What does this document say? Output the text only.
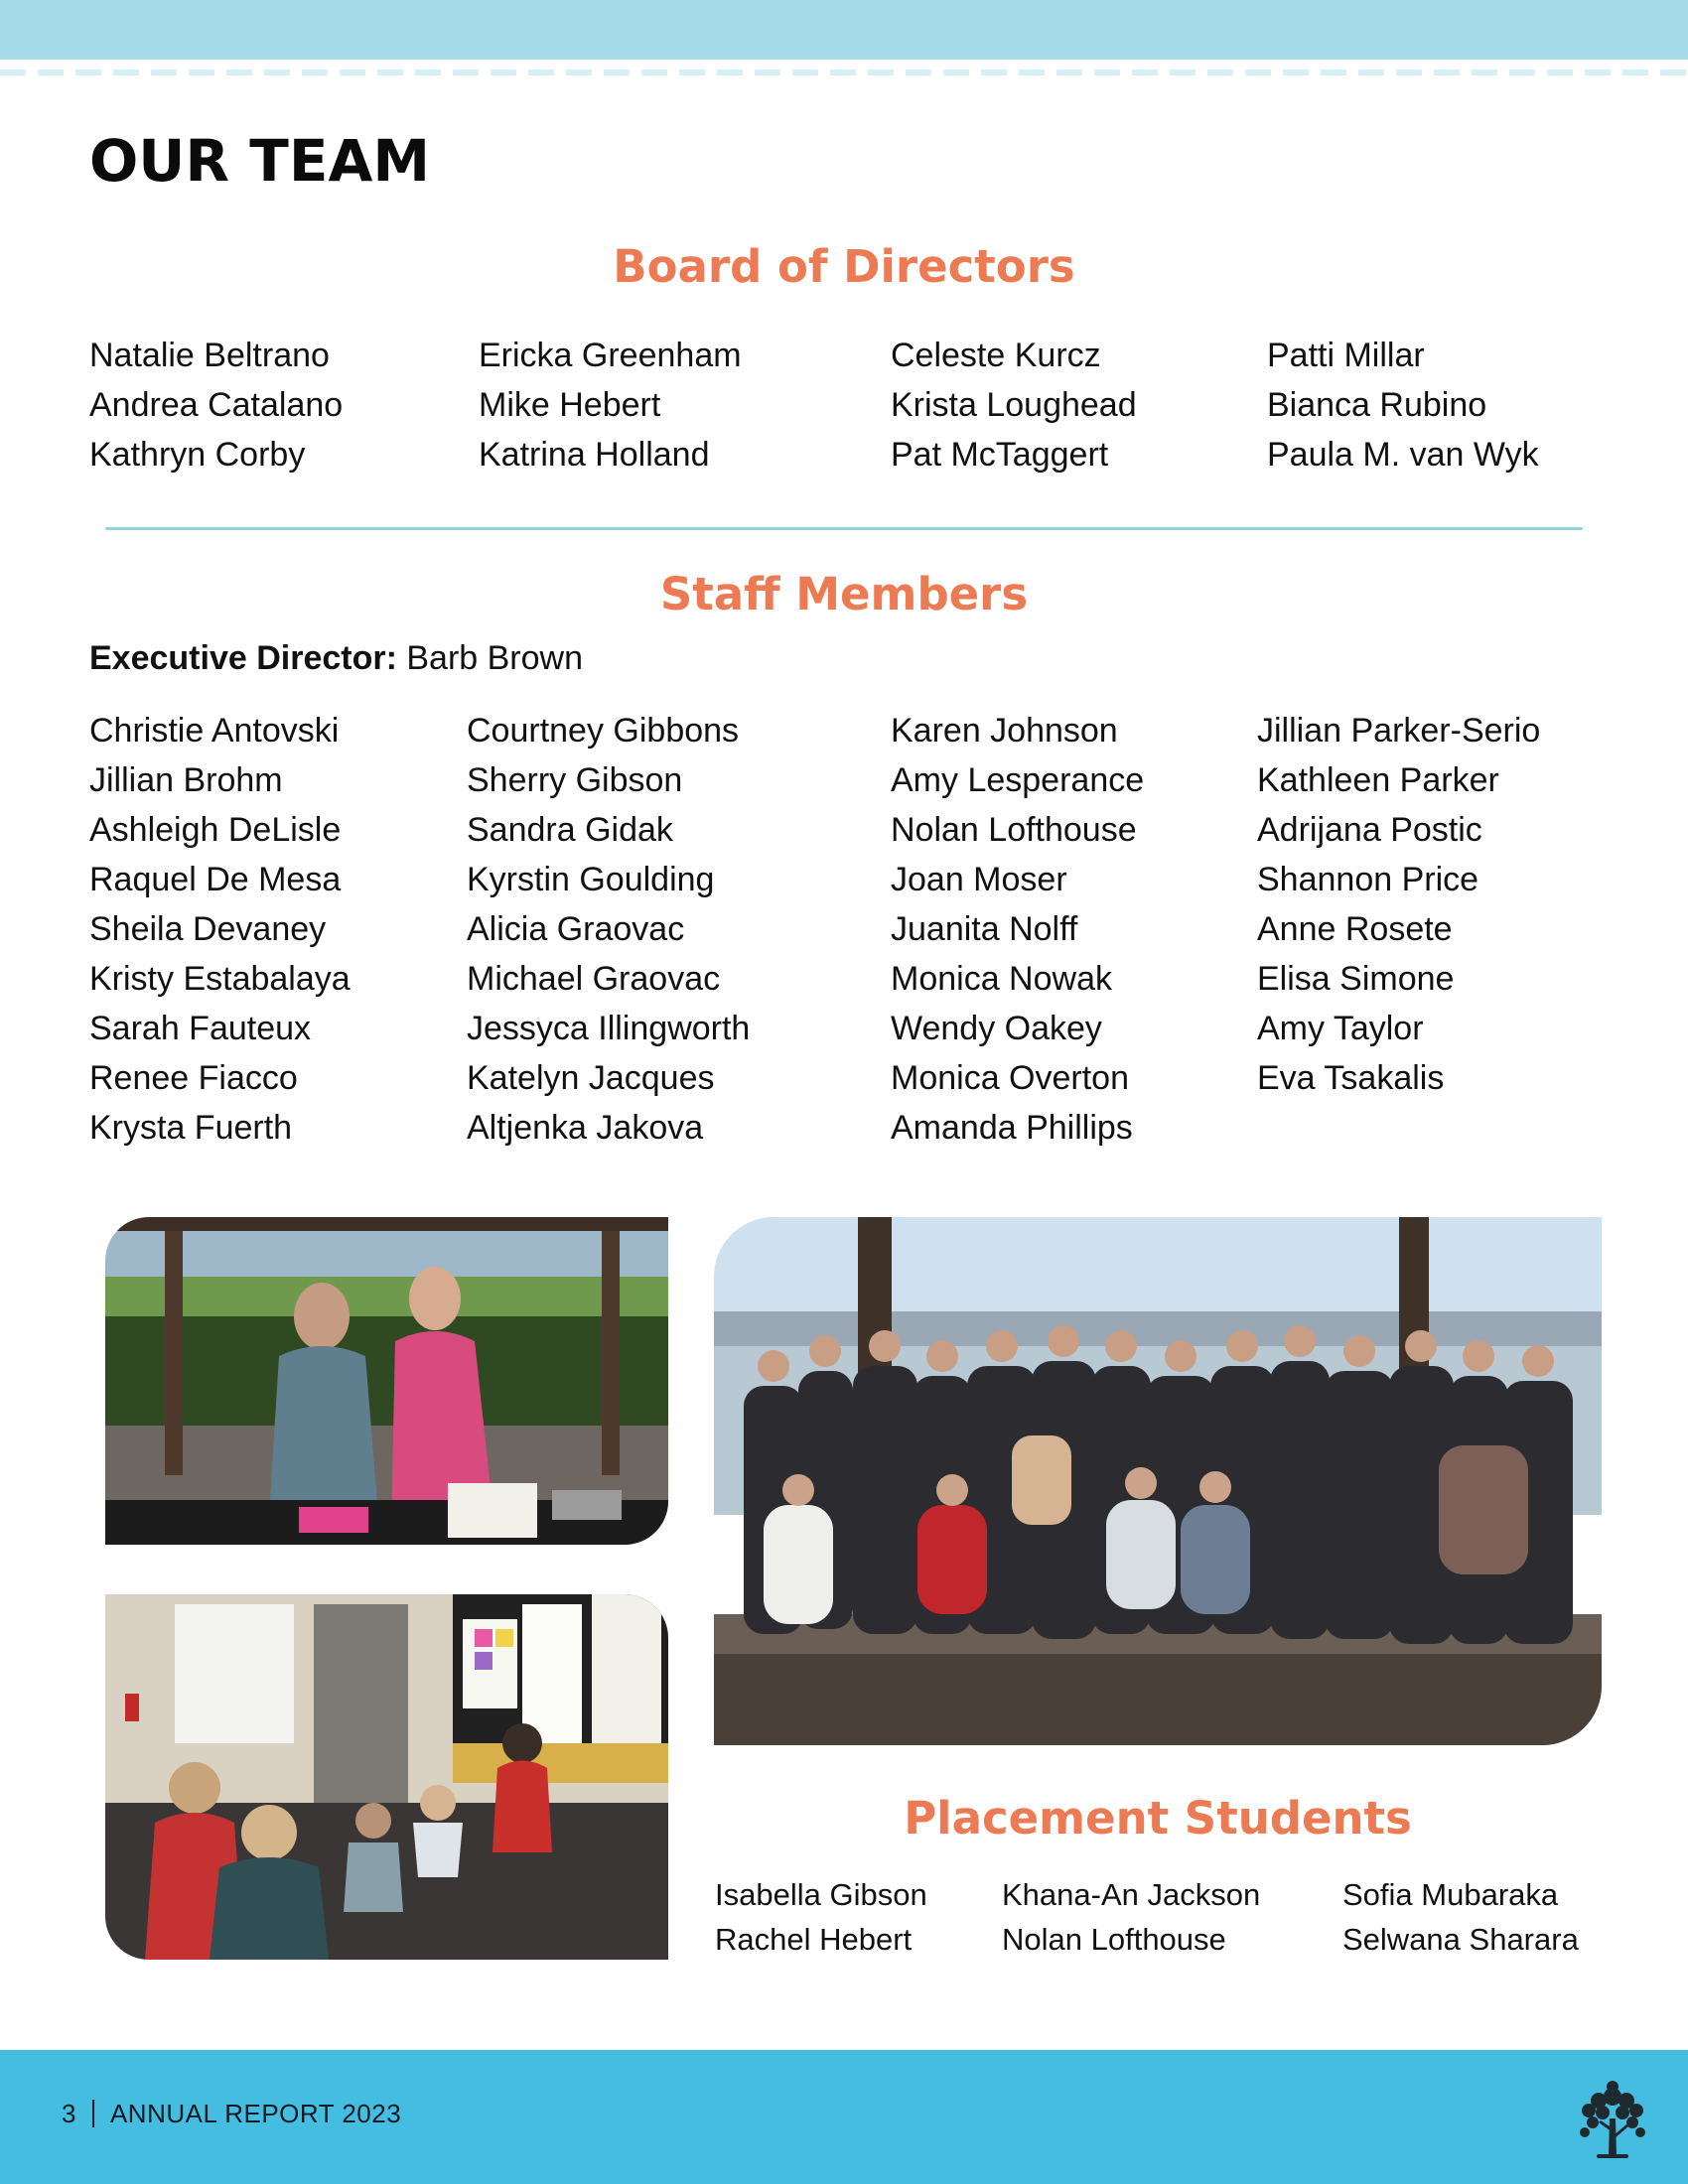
OUR TEAM
Board of Directors
Natalie Beltrano
Andrea Catalano
Kathryn Corby
Ericka Greenham
Mike Hebert
Katrina Holland
Celeste Kurcz
Krista Loughead
Pat McTaggert
Patti Millar
Bianca Rubino
Paula M. van Wyk
Staff Members
Executive Director: Barb Brown
Christie Antovski
Jillian Brohm
Ashleigh DeLisle
Raquel De Mesa
Sheila Devaney
Kristy Estabalaya
Sarah Fauteux
Renee Fiacco
Krysta Fuerth
Courtney Gibbons
Sherry Gibson
Sandra Gidak
Kyrstin Goulding
Alicia Graovac
Michael Graovac
Jessyca Illingworth
Katelyn Jacques
Altjenka Jakova
Karen Johnson
Amy Lesperance
Nolan Lofthouse
Joan Moser
Juanita Nolff
Monica Nowak
Wendy Oakey
Monica Overton
Amanda Phillips
Jillian Parker-Serio
Kathleen Parker
Adrijana Postic
Shannon Price
Anne Rosete
Elisa Simone
Amy Taylor
Eva Tsakalis
Placement Students
Isabella Gibson
Rachel Hebert
Khana-An Jackson
Nolan Lofthouse
Sofia Mubaraka
Selwana Sharara
3 ANNUAL REPORT 2023
